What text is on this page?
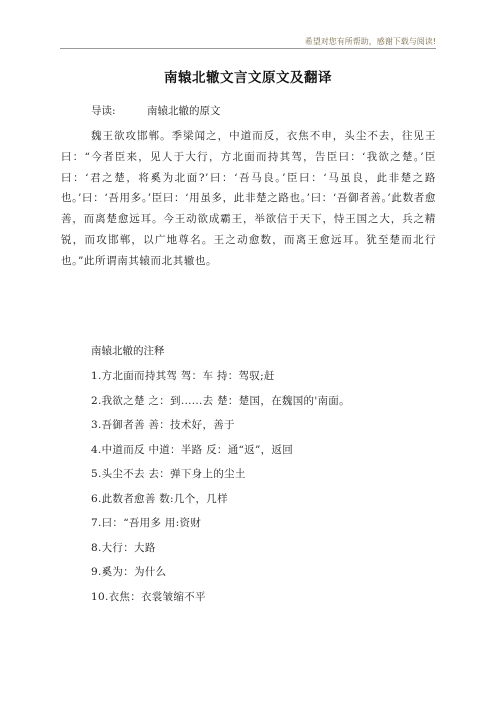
希望对您有所帮助，感谢下载与阅读!
南辕北辙文言文原文及翻译
导读:	南辕北辙的原文
魏王欲攻邯郸。季梁闻之，中道而反，衣焦不申，头尘不去，往见王曰：“今者臣来，见人于大行，方北面而持其驾，告臣曰：‘我欲之楚。’臣曰：‘君之楚，将奚为北面?’曰：‘吾马良。’臣曰：‘马虽良，此非楚之路也。’曰：‘吾用多。’臣曰：‘用虽多，此非楚之路也。’曰：‘吾御者善。’此数者愈善，而离楚愈远耳。今王动欲成霸王，举欲信于天下，恃王国之大，兵之精锐，而攻邯郸，以广地尊名。王之动愈数，而离王愈远耳。犹至楚而北行也。”此所谓南其辕而北其辙也。
南辕北辙的注释
1.方北面而持其驾 驾：车 持：驾驭;赶
2.我欲之楚 之：到......去 楚：楚国，在魏国的'南面。
3.吾御者善 善：技术好，善于
4.中道而反 中道：半路 反：通“返”，返回
5.头尘不去 去：弹下身上的尘土
6.此数者愈善 数:几个，几样
7.曰：“吾用多 用:资财
8.大行：大路
9.奚为：为什么
10.衣焦：衣裳皱缩不平
